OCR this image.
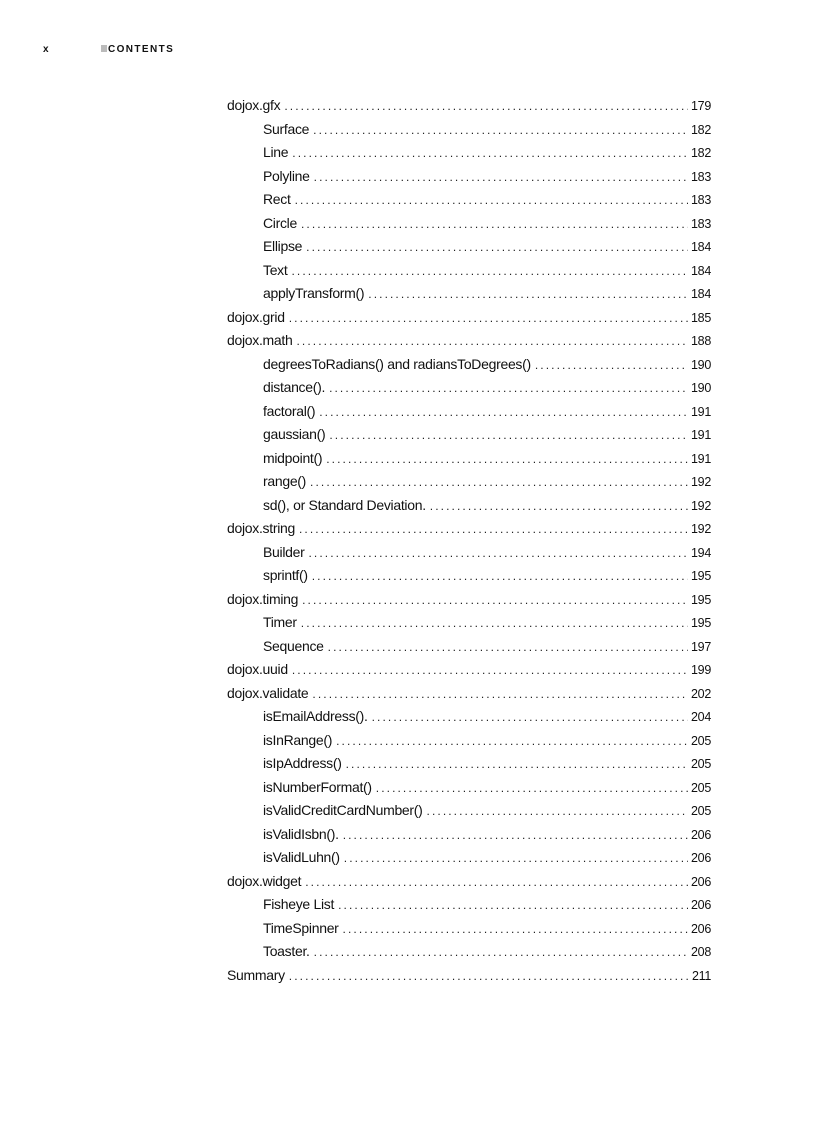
x	CONTENTS
dojox.gfx .....	179
Surface .....	182
Line .....	182
Polyline .....	183
Rect .....	183
Circle .....	183
Ellipse .....	184
Text .....	184
applyTransform() .....	184
dojox.grid .....	185
dojox.math .....	188
degreesToRadians() and radiansToDegrees() .....	190
distance(). .....	190
factoral() .....	191
gaussian() .....	191
midpoint() .....	191
range() .....	192
sd(), or Standard Deviation. .....	192
dojox.string .....	192
Builder .....	194
sprintf() .....	195
dojox.timing .....	195
Timer .....	195
Sequence .....	197
dojox.uuid .....	199
dojox.validate .....	202
isEmailAddress(). .....	204
isInRange() .....	205
isIpAddress() .....	205
isNumberFormat() .....	205
isValidCreditCardNumber() .....	205
isValidIsbn(). .....	206
isValidLuhn() .....	206
dojox.widget .....	206
Fisheye List .....	206
TimeSpinner .....	206
Toaster. .....	208
Summary .....	211
